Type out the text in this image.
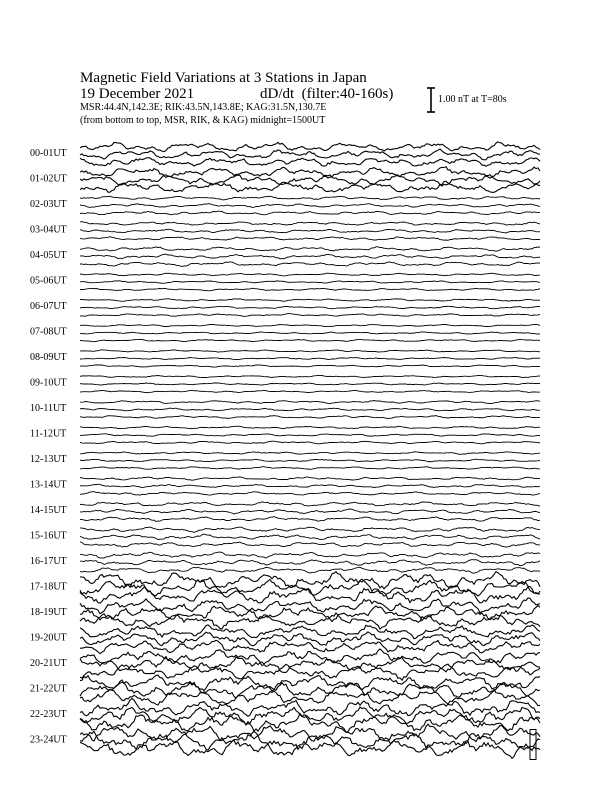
Magnetic Field Variations at 3 Stations in Japan
19 December 2021	dD/dt (filter:40-160s)
MSR:44.4N,142.3E; RIK:43.5N,143.8E; KAG:31.5N,130.7E
(from bottom to top, MSR, RIK, & KAG) midnight=1500UT
1.00 nT at T=80s
00-01UT
01-02UT
02-03UT
03-04UT
04-05UT
05-06UT
06-07UT
07-08UT
08-09UT
09-10UT
10-11UT
11-12UT
12-13UT
13-14UT
14-15UT
15-16UT
16-17UT
17-18UT
18-19UT
19-20UT
20-21UT
21-22UT
22-23UT
23-24UT
